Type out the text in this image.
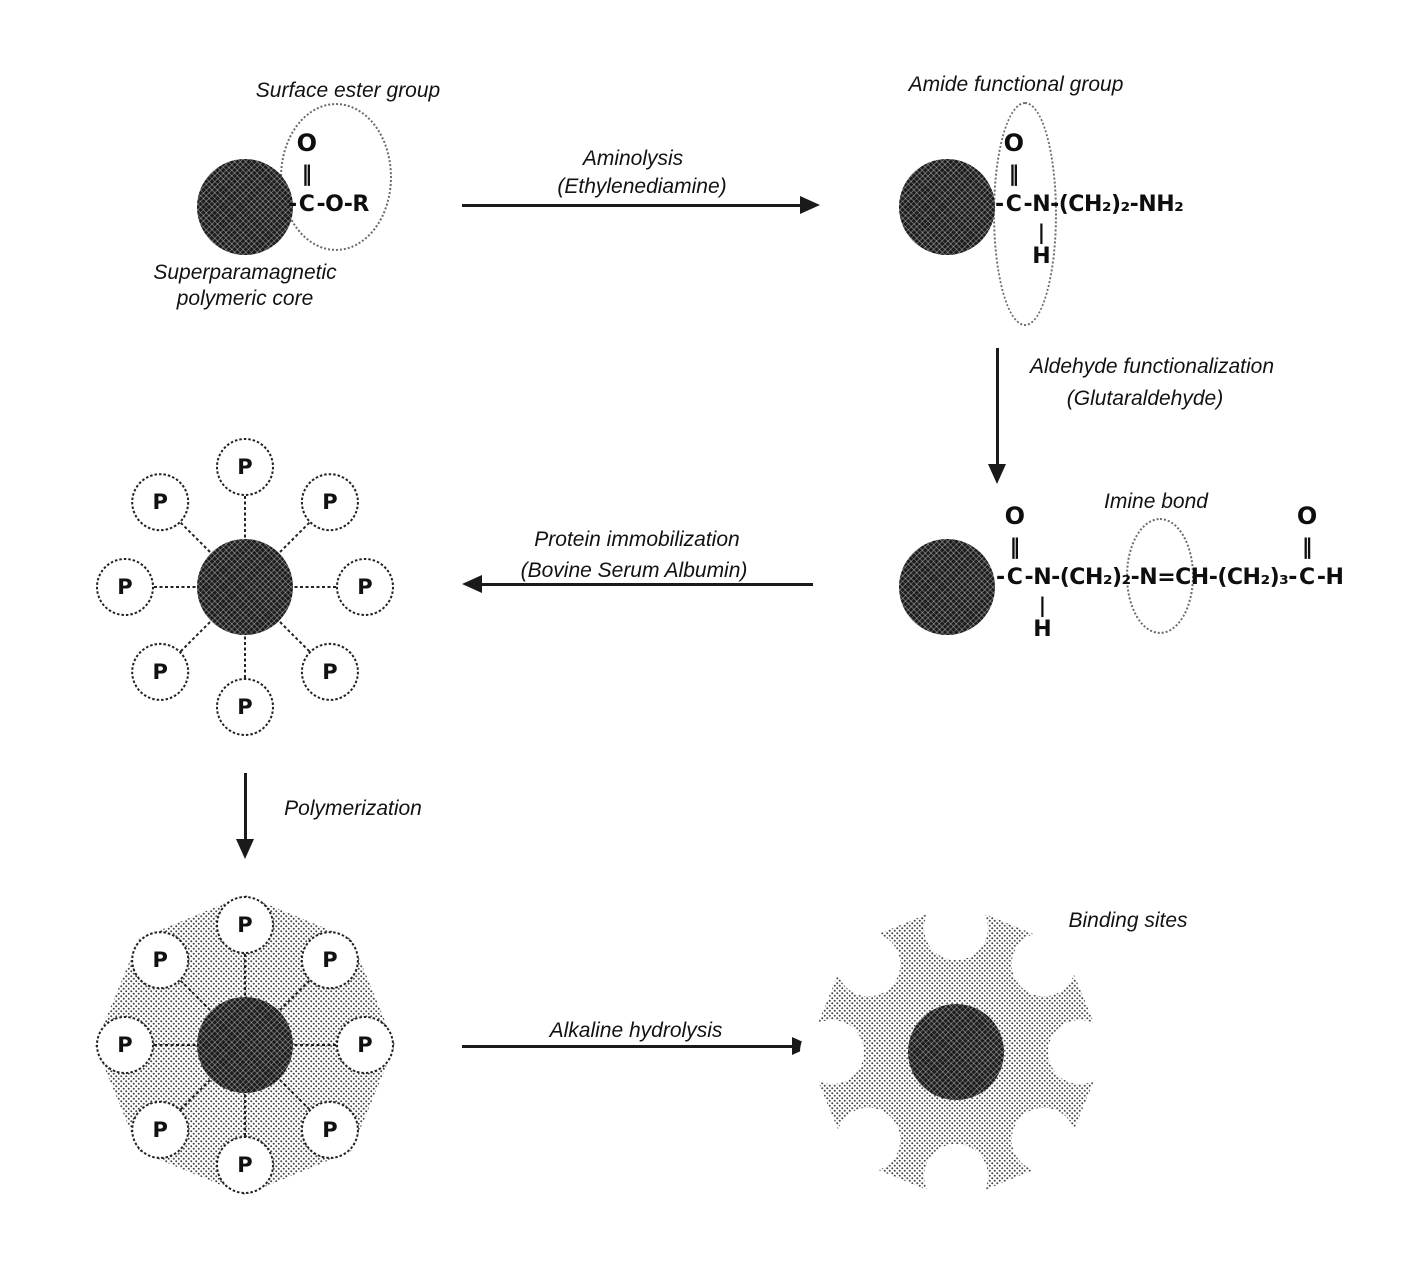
Surface ester group
-
O
‖
C -O-R
Superparamagnetic
polymeric core
Aminolysis
(Ethylenediamine)
Amide functional group
-
O
‖
C - N
|
H
-(CH₂)₂-NH₂
Aldehyde functionalization
(Glutaraldehyde)
Imine bond
-
O
‖
C - N
|
H
-(CH₂)₂-N=CH-(CH₂)₃-
O
‖
C -H
Protein immobilization
(Bovine Serum Albumin)
P
P
P
P
P
P
P
P
Polymerization
P
P
P
P
P
P
P
P
Alkaline hydrolysis
Binding sites
